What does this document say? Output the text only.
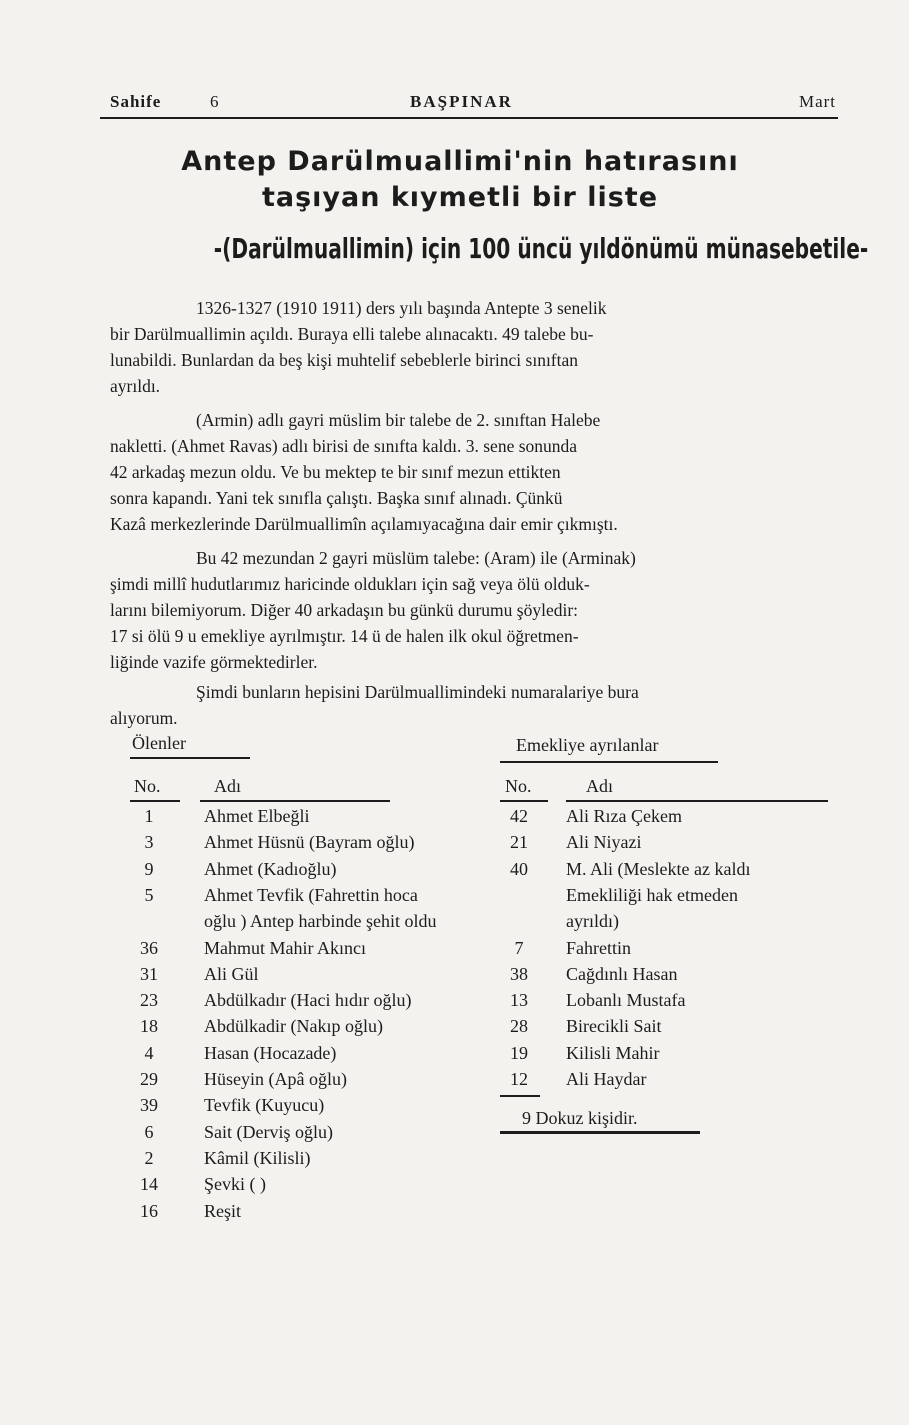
Sahife	6	BAŞPINAR	Mart
Antep Darülmuallimi'nin hatırasını
taşıyan kıymetli bir liste
-(Darülmuallimin) için 100 üncü yıldönümü münasebetile-
1326-1327 (1910 1911) ders yılı başında Antepte 3 senelik
bir Darülmuallimin açıldı. Buraya elli talebe alınacaktı. 49 talebe bu-
lunabildi. Bunlardan da beş kişi muhtelif sebeblerle birinci sınıftan
ayrıldı.
(Armin) adlı gayri müslim bir talebe de 2. sınıftan Halebe
nakletti. (Ahmet Ravas) adlı birisi de sınıfta kaldı. 3. sene sonunda
42 arkadaş mezun oldu. Ve bu mektep te bir sınıf mezun ettikten
sonra kapandı. Yani tek sınıfla çalıştı. Başka sınıf alınadı. Çünkü
Kazâ merkezlerinde Darülmuallimîn açılamıyacağına dair emir çıkmıştı.
Bu 42 mezundan 2 gayri müslüm talebe: (Aram) ile (Arminak)
şimdi millî hudutlarımız haricinde oldukları için sağ veya ölü olduk-
larını bilemiyorum. Diğer 40 arkadaşın bu günkü durumu şöyledir:
17 si ölü 9 u emekliye ayrılmıştır. 14 ü de halen ilk okul öğretmen-
liğinde vazife görmektedirler.
Şimdi bunların hepisini Darülmuallimindeki numaralariye bura
alıyorum.
Ölenler	Emekliye ayrılanlar
No.	Adı	No.	Adı
1	Ahmet Elbeğli
3	Ahmet Hüsnü (Bayram oğlu)
9	Ahmet (Kadıoğlu)
5	Ahmet Tevfik (Fahrettin hoca
oğlu ) Antep harbinde şehit oldu
36	Mahmut Mahir Akıncı
31	Ali Gül
23	Abdülkadır (Haci hıdır oğlu)
18	Abdülkadir (Nakıp oğlu)
4	Hasan (Hocazade)
29	Hüseyin (Apâ oğlu)
39	Tevfik (Kuyucu)
6	Sait (Derviş oğlu)
2	Kâmil (Kilisli)
14	Şevki ( )
16	Reşit
42	Ali Rıza Çekem
21	Ali Niyazi
40	M. Ali (Meslekte az kaldı
Emekliliği hak etmeden
ayrıldı)
7	Fahrettin
38	Cağdınlı Hasan
13	Lobanlı Mustafa
28	Birecikli Sait
19	Kilisli Mahir
12	Ali Haydar
9 Dokuz kişidir.
